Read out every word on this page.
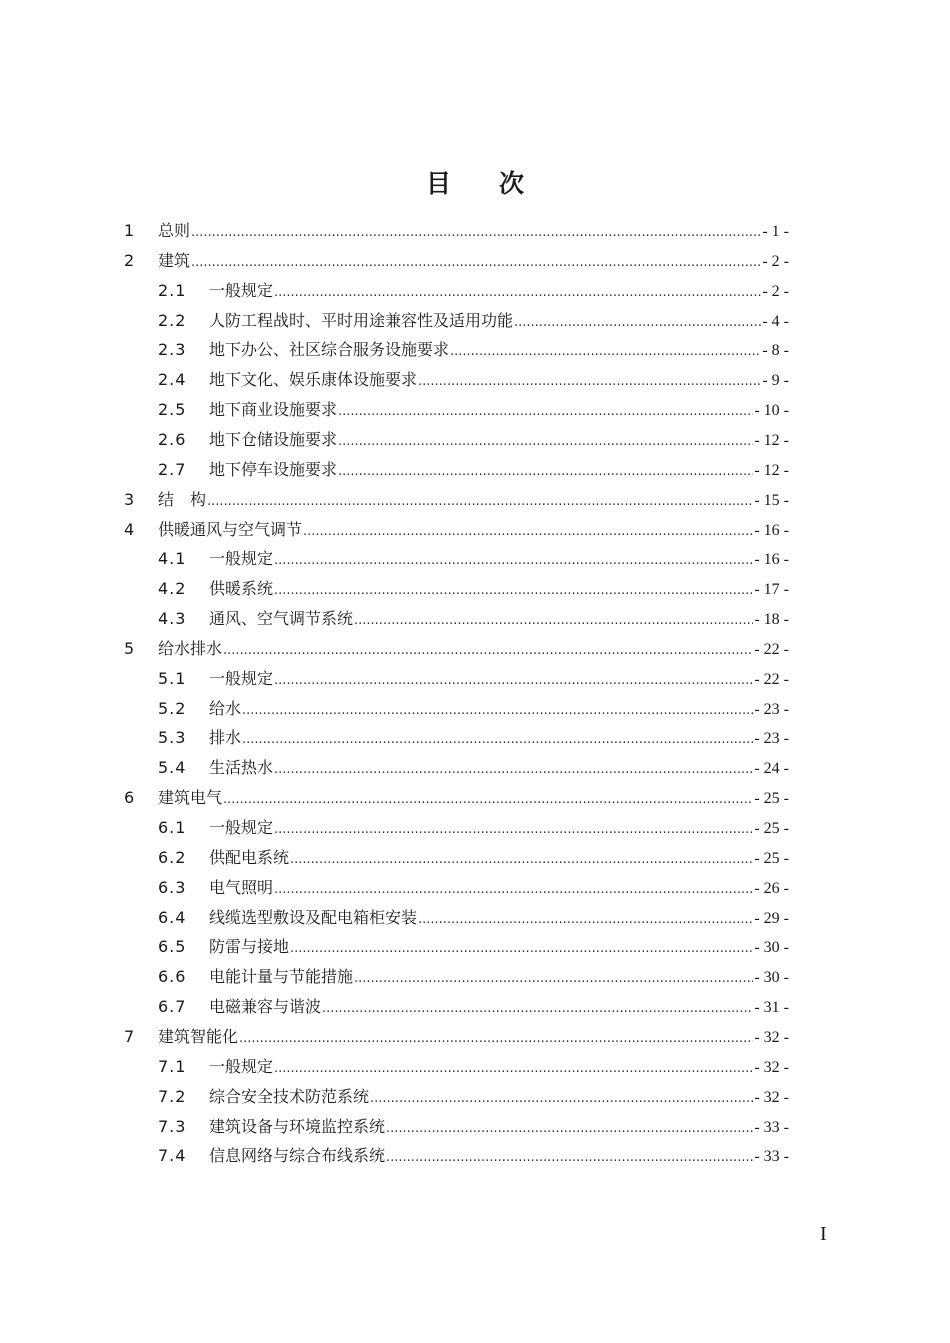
目 次
1 总则 .....	- 1 -
2 建筑 .....	- 2 -
2.1 一般规定 .....	- 2 -
2.2 人防工程战时、平时用途兼容性及适用功能 .....	- 4 -
2.3 地下办公、社区综合服务设施要求 .....	- 8 -
2.4 地下文化、娱乐康体设施要求 .....	- 9 -
2.5 地下商业设施要求 .....	- 10 -
2.6 地下仓储设施要求 .....	- 12 -
2.7 地下停车设施要求 .....	- 12 -
3 结　构 .....	- 15 -
4 供暖通风与空气调节 .....	- 16 -
4.1 一般规定 .....	- 16 -
4.2 供暖系统 .....	- 17 -
4.3 通风、空气调节系统 .....	- 18 -
5 给水排水 .....	- 22 -
5.1 一般规定 .....	- 22 -
5.2 给水 .....	- 23 -
5.3 排水 .....	- 23 -
5.4 生活热水 .....	- 24 -
6 建筑电气 .....	- 25 -
6.1 一般规定 .....	- 25 -
6.2 供配电系统 .....	- 25 -
6.3 电气照明 .....	- 26 -
6.4 线缆选型敷设及配电箱柜安装 .....	- 29 -
6.5 防雷与接地 .....	- 30 -
6.6 电能计量与节能措施 .....	- 30 -
6.7 电磁兼容与谐波 .....	- 31 -
7 建筑智能化 .....	- 32 -
7.1 一般规定 .....	- 32 -
7.2 综合安全技术防范系统 .....	- 32 -
7.3 建筑设备与环境监控系统 .....	- 33 -
7.4 信息网络与综合布线系统 .....	- 33 -
I
